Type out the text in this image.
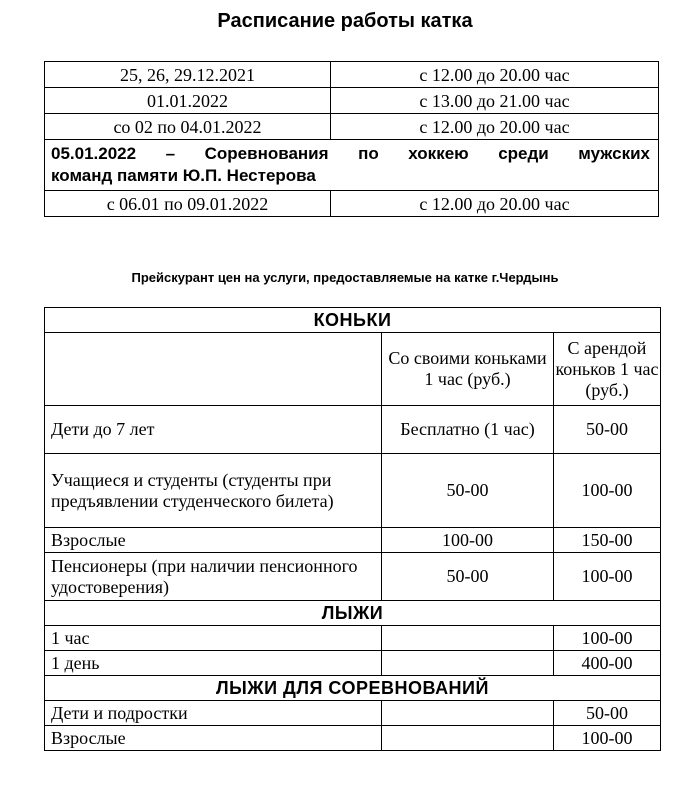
Расписание работы катка
25, 26, 29.12.2021	с 12.00 до 20.00 час
01.01.2022	с 13.00 до 21.00 час
со 02 по 04.01.2022	с 12.00 до 20.00 час
05.01.2022 – Соревнования по хоккею среди мужских
команд памяти Ю.П. Нестерова	

с 06.01 по 09.01.2022	с 12.00 до 20.00 час
Прейскурант цен на услуги, предоставляемые на катке г.Чердынь
КОНЬКИ		
	Со своими коньками 1 час (руб.)	С арендой коньков 1 час (руб.)
Дети до 7 лет	Бесплатно (1 час)	50-00
Учащиеся и студенты (студенты при предъявлении студенческого билета)	50-00	100-00
Взрослые	100-00	150-00
Пенсионеры (при наличии пенсионного удостоверения)	50-00	100-00
ЛЫЖИ		
1 час		100-00
1 день		400-00
ЛЫЖИ ДЛЯ СОРЕВНОВАНИЙ		
Дети и подростки		50-00
Взрослые		100-00
